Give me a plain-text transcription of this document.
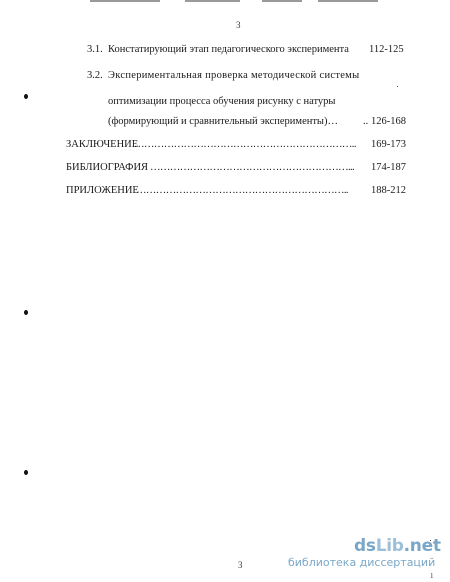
3
3.1. Констатирующий этап педагогического эксперимента 112-125
3.2. Экспериментальная проверка методической системы
оптимизации процесса обучения рисунку с натуры
(формирующий и сравнительный эксперименты)… .. 126-168
ЗАКЛЮЧЕНИЕ
………………………………………………………….. 169-173
БИБЛИОГРАФИЯ ……………………………………………………... 174-187
ПРИЛОЖЕНИЕ
……………………………………………………….. 188-212
3
1
dsLib.net
библиотека диссертаций
